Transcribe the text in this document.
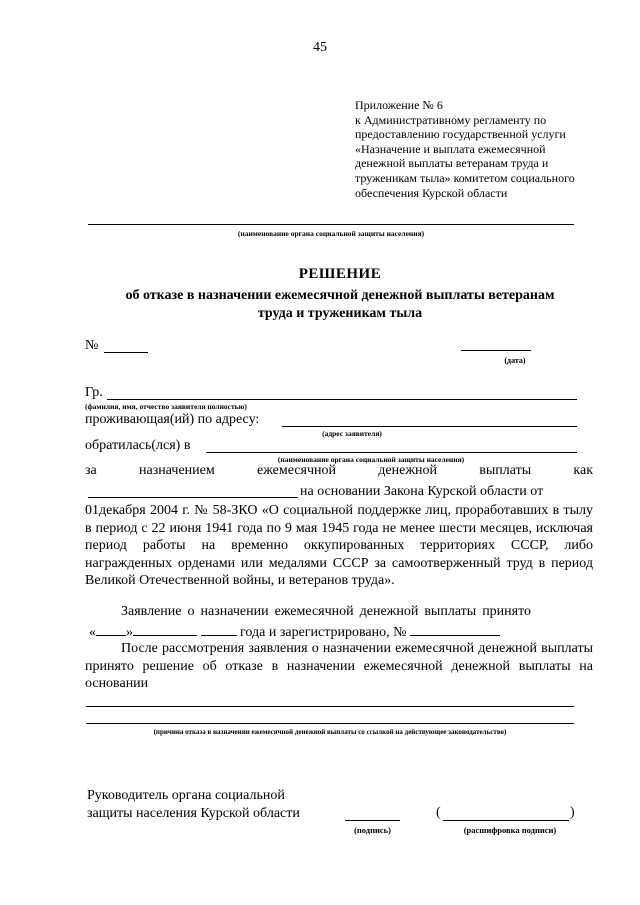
45
Приложение № 6
к Административному регламенту по
предоставлению государственной услуги
«Назначение и выплата ежемесячной
денежной выплаты ветеранам труда и
труженикам тыла» комитетом социального
обеспечения Курской области
(наименование органа социальной защиты населения)
РЕШЕНИЕ
об отказе в назначении ежемесячной денежной выплаты ветеранам
труда и труженикам тыла
№
(дата)
Гр.
(фамилия, имя, отчество заявителя полностью)
проживающая(ий) по адресу:
(адрес заявителя)
обратилась(лся) в
(наименование органа социальной защиты населения)
за	назначением	ежемесячной	денежной	выплаты	как
на основании Закона Курской области от
01декабря 2004 г. № 58-ЗКО «О социальной поддержке лиц, проработавших в тылу в период с 22 июня 1941 года по 9 мая 1945 года не менее шести месяцев, исключая период работы на временно оккупированных территориях СССР, либо награжденных орденами или медалями СССР за самоотверженный труд в период Великой Отечественной войны, и ветеранов труда».
Заявление о назначении ежемесячной денежной выплаты принято
« »	года и зарегистрировано, №
После рассмотрения заявления о назначении ежемесячной денежной выплаты принято решение об отказе в назначении ежемесячной денежной выплаты на основании
(причина отказа в назначении ежемесячной денежной выплаты со ссылкой на действующее законодательство)
Руководитель органа социальной
защиты населения Курской области
(подпись)
(	)
(расшифровка подписи)
